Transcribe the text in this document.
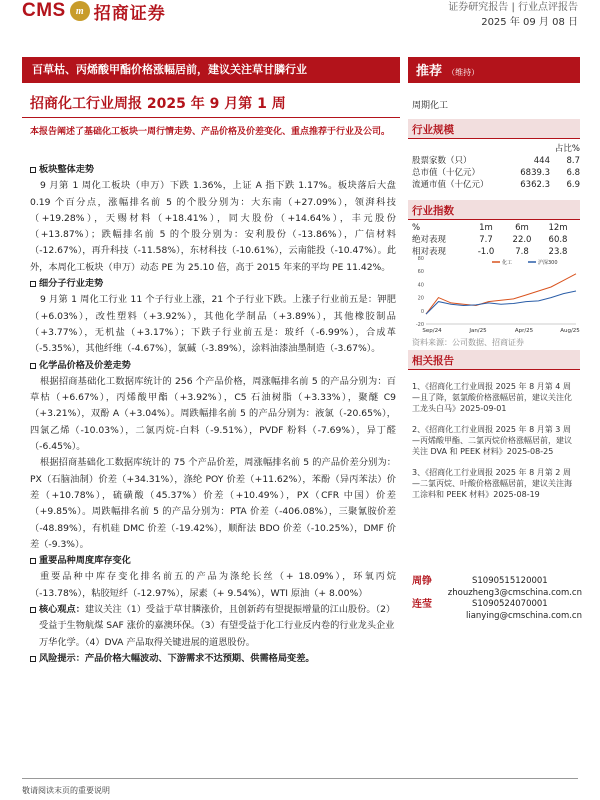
CMS	m 招商证券	证券研究报告 | 行业点评报告
2025 年 09 月 08 日
百草枯、丙烯酸甲酯价格涨幅居前，建议关注草甘膦行业	推荐 （维持）
周期化工
招商化工行业周报 2025 年 9 月第 1 周
本报告阐述了基础化工板块一周行情走势、产品价格及价差变化、重点推荐于行业及公司。
板块整体走势
9 月第 1 周化工板块（申万）下跌 1.36%，上证 A 指下跌 1.17%。板块落后大盘 0.19 个百分点，涨幅排名前 5 的个股分别为：大东南（+27.09%），领湃科技（+19.28%），天赐材料（+18.41%），同大股份（+14.64%），丰元股份（+13.87%）；跌幅排名前 5 的个股分别为：安利股份（-13.86%），广信材料（-12.67%），再升科技（-11.58%），东材科技（-10.61%），云南能投（-10.47%）。此外，本周化工板块（申万）动态 PE 为 25.10 倍，高于 2015 年来的平均 PE 11.42%。
细分子行业走势
9 月第 1 周化工行业 11 个子行业上涨，21 个子行业下跌。上涨子行业前五是：钾肥（+6.03%），改性塑料（+3.92%），其他化学制品（+3.89%），其他橡胶制品（+3.77%），无机盐（+3.17%）；下跌子行业前五是：玻纤（-6.99%），合成革（-5.35%），其他纤维（-4.67%），氯碱（-3.89%），涂料油漆油墨制造（-3.67%）。
化学品价格及价差走势
根据招商基础化工数据库统计的 256 个产品价格，周涨幅排名前 5 的产品分别为：百草枯（+6.67%），丙烯酸甲酯（+3.92%），C5 石油树脂（+3.33%），聚醚 C9（+3.21%），双酚 A（+3.04%）。周跌幅排名前 5 的产品分别为：液氯（-20.65%），四氯乙烯（-10.03%），二氯丙烷-白料（-9.51%），PVDF 粉料（-7.69%），异丁醛（-6.45%）。
根据招商基础化工数据库统计的 75 个产品价差，周涨幅排名前 5 的产品价差分别为：PX（石脑油制）价差（+34.31%），涤纶 POY 价差（+11.62%），苯酚（异丙苯法）价差（+10.78%），硫磺酸（45.37%）价差（+10.49%），PX（CFR 中国）价差（+9.85%）。周跌幅排名前 5 的产品分别为：PTA 价差（-406.08%），三聚氰胺价差（-48.89%），有机硅 DMC 价差（-19.42%），顺酐法 BDO 价差（-10.25%），DMF 价差（-9.3%）。
重要品种周度库存变化
重要品种中库存变化排名前五的产品为涤纶长丝（+ 18.09%），环氧丙烷（-13.78%），粘胶短纤（-12.97%），尿素（+ 9.54%），WTI 原油（+ 8.00%）
核心观点：建议关注（1）受益于草甘膦涨价，且创新药有望提振增量的江山股份。（2）受益于生物航煤 SAF 涨价的嘉澳环保。（3）有望受益于化工行业反内卷的行业龙头企业万华化学。（4）DVA 产品取得关键进展的道恩股份。
风险提示：产品价格大幅波动、下游需求不达预期、供需格局变差。
行业规模
		占比%
股票家数（只）	444	8.7
总市值（十亿元）	6839.3	6.8
流通市值（十亿元）	6362.3	6.9
行业指数
%	1m	6m	12m
绝对表现	7.7	22.0	60.8
相对表现	-1.0	7.8	23.8
80
60
40
20
0
-20
Sep/24	Jan/25	Apr/25	Aug/25
化工	沪深300
资料来源：公司数据、招商证券
相关报告
1、《招商化工行业周报 2025 年 8 月第 4 周—且了降，氨氯酸价格涨幅居前，建议关注化工龙头白马》2025-09-01
2、《招商化工行业周报 2025 年 8 月第 3 周—丙烯酸甲酯、二氯丙烷价格涨幅居前，建议关注 DVA 和 PEEK 材料》2025-08-25
3、《招商化工行业周报 2025 年 8 月第 2 周—二氯丙烷、叶酸价格涨幅居前，建议关注海工涂料和 PEEK 材料》2025-08-19
周铮	S1090515120001
zhouzheng3@cmschina.com.cn
连莹	S1090524070001
lianying@cmschina.com.cn
敬请阅读末页的重要说明
